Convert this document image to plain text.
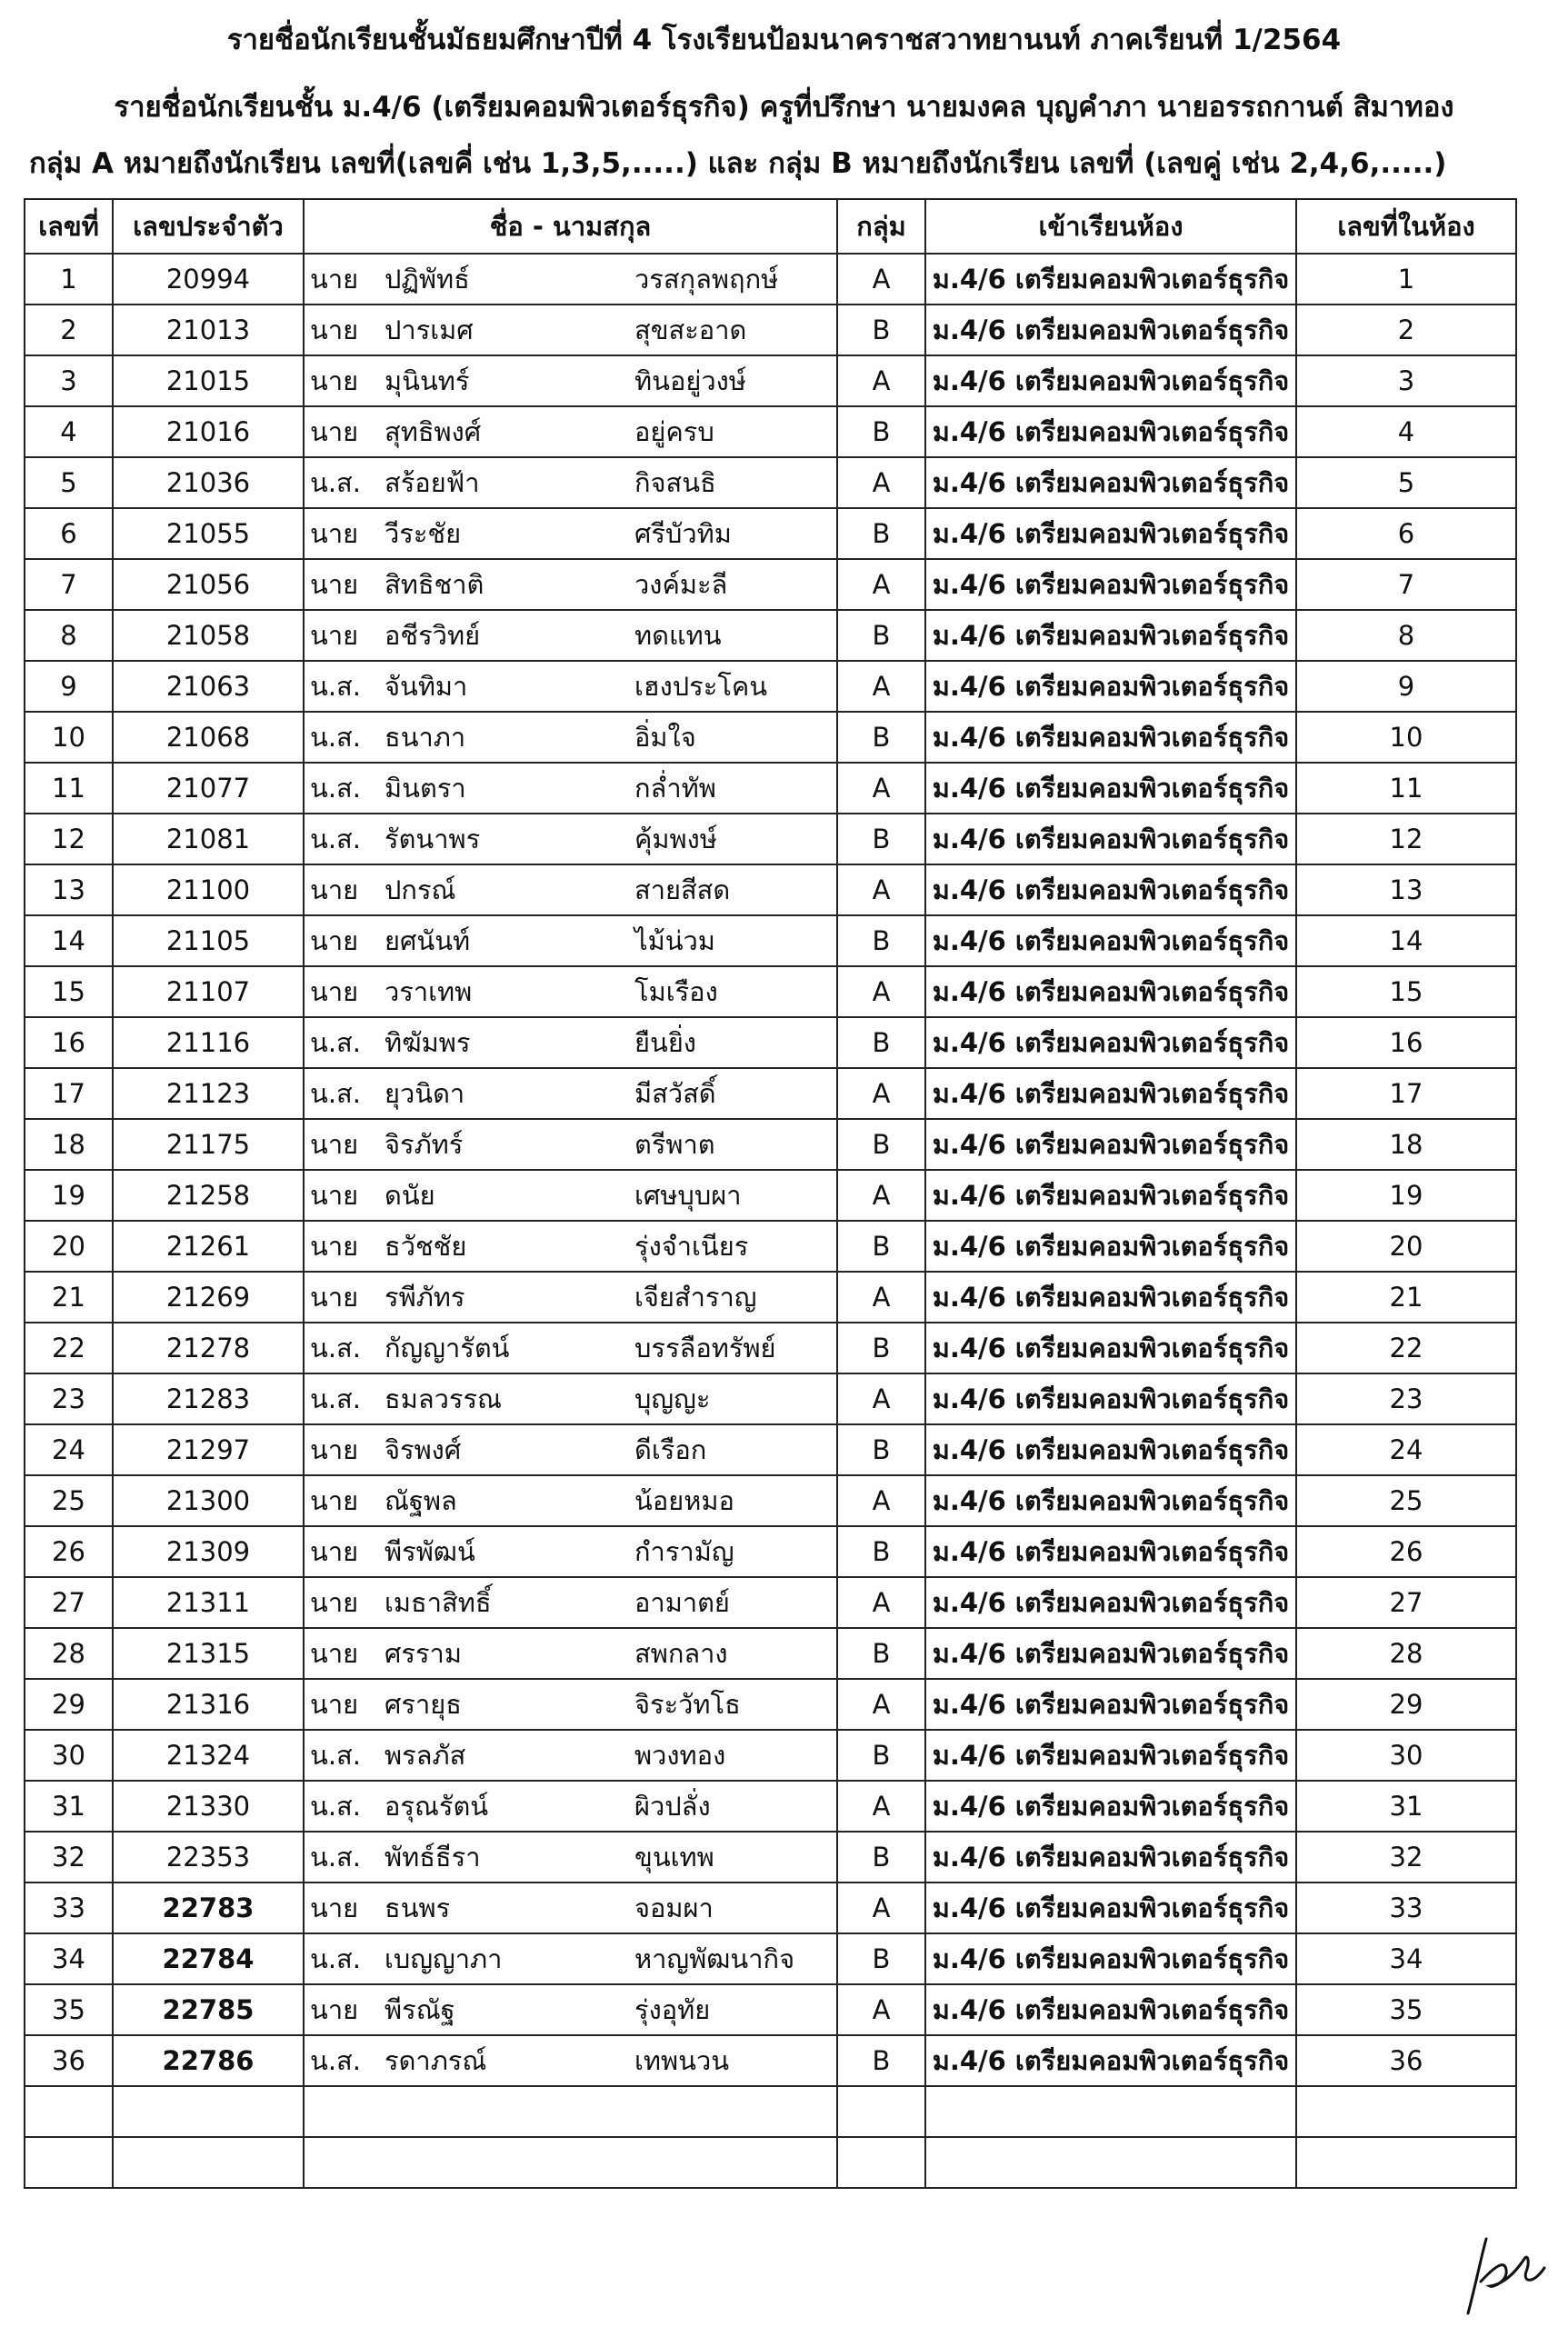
รายชื่อนักเรียนชั้นมัธยมศึกษาปีที่ 4 โรงเรียนป้อมนาคราชสวาทยานนท์ ภาคเรียนที่ 1/2564
รายชื่อนักเรียนชั้น ม.4/6 (เตรียมคอมพิวเตอร์ธุรกิจ) ครูที่ปรึกษา นายมงคล บุญคำภา นายอรรถกานต์ สิมาทอง
กลุ่ม A หมายถึงนักเรียน เลขที่(เลขคี่ เช่น 1,3,5,.....) และ กลุ่ม B หมายถึงนักเรียน เลขที่ (เลขคู่ เช่น 2,4,6,.....)
เลขที่	เลขประจำตัว	ชื่อ - นามสกุล	กลุ่ม	เข้าเรียนห้อง	เลขที่ในห้อง
1	20994	นาย ปฏิพัทธ์ วรสกุลพฤกษ์	A	ม.4/6 เตรียมคอมพิวเตอร์ธุรกิจ	1
2	21013	นาย ปารเมศ สุขสะอาด	B	ม.4/6 เตรียมคอมพิวเตอร์ธุรกิจ	2
3	21015	นาย มุนินทร์ ทินอยู่วงษ์	A	ม.4/6 เตรียมคอมพิวเตอร์ธุรกิจ	3
4	21016	นาย สุทธิพงศ์ อยู่ครบ	B	ม.4/6 เตรียมคอมพิวเตอร์ธุรกิจ	4
5	21036	น.ส. สร้อยฟ้า กิจสนธิ	A	ม.4/6 เตรียมคอมพิวเตอร์ธุรกิจ	5
6	21055	นาย วีระชัย ศรีบัวทิม	B	ม.4/6 เตรียมคอมพิวเตอร์ธุรกิจ	6
7	21056	นาย สิทธิชาติ วงค์มะลี	A	ม.4/6 เตรียมคอมพิวเตอร์ธุรกิจ	7
8	21058	นาย อชีรวิทย์ ทดแทน	B	ม.4/6 เตรียมคอมพิวเตอร์ธุรกิจ	8
9	21063	น.ส. จันทิมา เฮงประโคน	A	ม.4/6 เตรียมคอมพิวเตอร์ธุรกิจ	9
10	21068	น.ส. ธนาภา อิ่มใจ	B	ม.4/6 เตรียมคอมพิวเตอร์ธุรกิจ	10
11	21077	น.ส. มินตรา กล่ำทัพ	A	ม.4/6 เตรียมคอมพิวเตอร์ธุรกิจ	11
12	21081	น.ส. รัตนาพร คุ้มพงษ์	B	ม.4/6 เตรียมคอมพิวเตอร์ธุรกิจ	12
13	21100	นาย ปกรณ์ สายสีสด	A	ม.4/6 เตรียมคอมพิวเตอร์ธุรกิจ	13
14	21105	นาย ยศนันท์ ไม้น่วม	B	ม.4/6 เตรียมคอมพิวเตอร์ธุรกิจ	14
15	21107	นาย วราเทพ โมเรือง	A	ม.4/6 เตรียมคอมพิวเตอร์ธุรกิจ	15
16	21116	น.ส. ทิฆัมพร ยืนยิ่ง	B	ม.4/6 เตรียมคอมพิวเตอร์ธุรกิจ	16
17	21123	น.ส. ยุวนิดา มีสวัสดิ์	A	ม.4/6 เตรียมคอมพิวเตอร์ธุรกิจ	17
18	21175	นาย จิรภัทร์ ตรีพาต	B	ม.4/6 เตรียมคอมพิวเตอร์ธุรกิจ	18
19	21258	นาย ดนัย เศษบุบผา	A	ม.4/6 เตรียมคอมพิวเตอร์ธุรกิจ	19
20	21261	นาย ธวัชชัย รุ่งจำเนียร	B	ม.4/6 เตรียมคอมพิวเตอร์ธุรกิจ	20
21	21269	นาย รพีภัทร เจียสำราญ	A	ม.4/6 เตรียมคอมพิวเตอร์ธุรกิจ	21
22	21278	น.ส. กัญญารัตน์ บรรลือทรัพย์	B	ม.4/6 เตรียมคอมพิวเตอร์ธุรกิจ	22
23	21283	น.ส. ธมลวรรณ บุญญะ	A	ม.4/6 เตรียมคอมพิวเตอร์ธุรกิจ	23
24	21297	นาย จิรพงศ์ ดีเรือก	B	ม.4/6 เตรียมคอมพิวเตอร์ธุรกิจ	24
25	21300	นาย ณัฐพล น้อยหมอ	A	ม.4/6 เตรียมคอมพิวเตอร์ธุรกิจ	25
26	21309	นาย พีรพัฒน์ กำรามัญ	B	ม.4/6 เตรียมคอมพิวเตอร์ธุรกิจ	26
27	21311	นาย เมธาสิทธิ์ อามาตย์	A	ม.4/6 เตรียมคอมพิวเตอร์ธุรกิจ	27
28	21315	นาย ศรราม สพกลาง	B	ม.4/6 เตรียมคอมพิวเตอร์ธุรกิจ	28
29	21316	นาย ศรายุธ จิระวัทโธ	A	ม.4/6 เตรียมคอมพิวเตอร์ธุรกิจ	29
30	21324	น.ส. พรลภัส พวงทอง	B	ม.4/6 เตรียมคอมพิวเตอร์ธุรกิจ	30
31	21330	น.ส. อรุณรัตน์ ผิวปลั่ง	A	ม.4/6 เตรียมคอมพิวเตอร์ธุรกิจ	31
32	22353	น.ส. พัทธ์ธีรา ขุนเทพ	B	ม.4/6 เตรียมคอมพิวเตอร์ธุรกิจ	32
33	22783	นาย ธนพร จอมผา	A	ม.4/6 เตรียมคอมพิวเตอร์ธุรกิจ	33
34	22784	น.ส. เบญญาภา หาญพัฒนากิจ	B	ม.4/6 เตรียมคอมพิวเตอร์ธุรกิจ	34
35	22785	นาย พีรณัฐ รุ่งอุทัย	A	ม.4/6 เตรียมคอมพิวเตอร์ธุรกิจ	35
36	22786	น.ส. รดาภรณ์ เทพนวน	B	ม.4/6 เตรียมคอมพิวเตอร์ธุรกิจ	36
